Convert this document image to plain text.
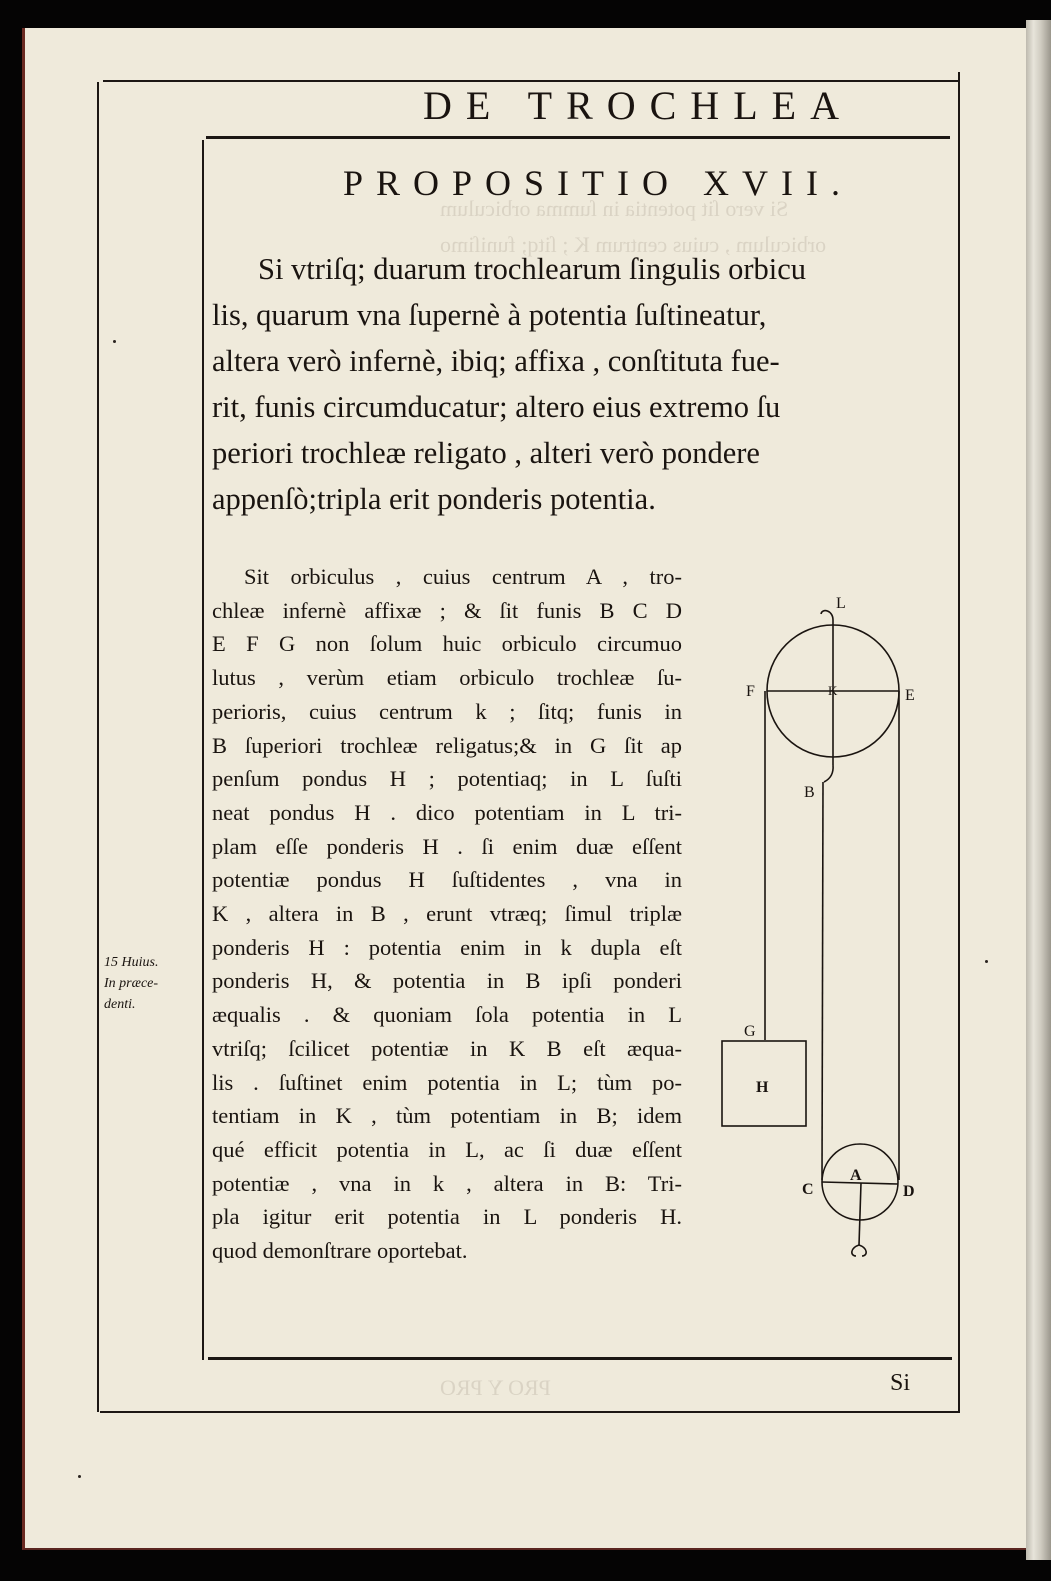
DE TROCHLEA
PROPOSITIO XVII.
Si vtriſq; duarum trochlearum ſingulis orbicu
lis, quarum vna ſupernè à potentia ſuſtineatur,
altera verò infernè, ibiq; affixa , conſtituta fue-
rit, funis circumducatur; altero eius extremo ſu
periori trochleæ religato , alteri verò pondere
appenſò;tripla erit ponderis potentia.
Sit orbiculus , cuius centrum A , tro-
chleæ infernè affixæ ; & ſit funis B C D
E F G non ſolum huic orbiculo circumuo
lutus , verùm etiam orbiculo trochleæ ſu-
perioris, cuius centrum k ; ſitq; funis in
B ſuperiori trochleæ religatus;& in G ſit ap
penſum pondus H ; potentiaq; in L ſuſti
neat pondus H . dico potentiam in L tri-
plam eſſe ponderis H . ſi enim duæ eſſent
potentiæ pondus H ſuſtidentes , vna in
K , altera in B , erunt vtræq; ſimul triplæ
ponderis H : potentia enim in k dupla eſt
ponderis H, & potentia in B ipſi ponderi
æqualis . & quoniam ſola potentia in L
vtriſq; ſcilicet potentiæ in K B eſt æqua-
lis . ſuſtinet enim potentia in L; tùm po-
tentiam in K , tùm potentiam in B; idem
qué efficit potentia in L, ac ſi duæ eſſent
potentiæ , vna in k , altera in B: Tri-
pla igitur erit potentia in L ponderis H.
quod demonſtrare oportebat.
15 Huius.
In præce-
denti.
L
K
F	E
B
G
H
C
A
D
Si
